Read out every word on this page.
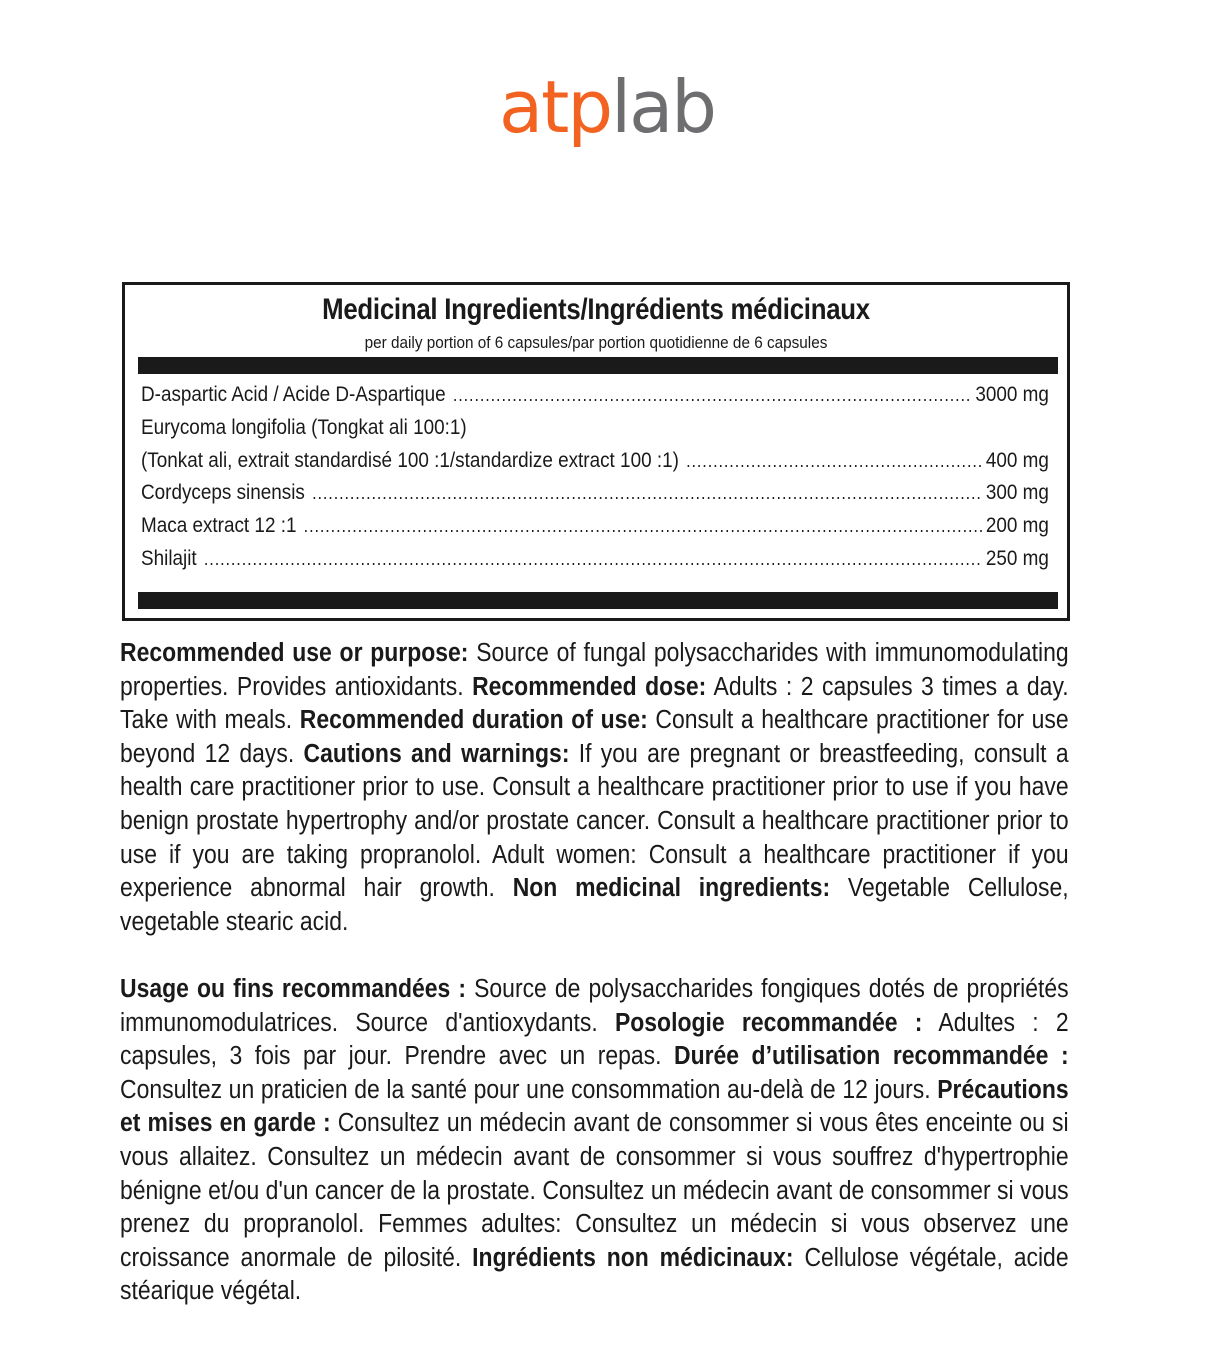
atplab
Medicinal Ingredients/Ingrédients médicinaux
per daily portion of 6 capsules/par portion quotidienne de 6 capsules
D-aspartic Acid / Acide D-Aspartique .....	3000 mg
Eurycoma longifolia (Tongkat ali 100:1)
(Tonkat ali, extrait standardisé 100 :1/standardize extract 100 :1) .....	400 mg
Cordyceps sinensis .....	300 mg
Maca extract 12 :1 .....	200 mg
Shilajit .....	250 mg
Recommended use or purpose: Source of fungal polysaccharides with immunomodulating properties. Provides antioxidants. Recommended dose: Adults : 2 capsules 3 times a day. Take with meals. Recommended duration of use: Consult a healthcare practitioner for use beyond 12 days. Cautions and warnings: If you are pregnant or breastfeeding, consult a health care practitioner prior to use. Consult a healthcare practitioner prior to use if you have benign prostate hypertrophy and/or prostate cancer. Consult a healthcare practitioner prior to use if you are taking propranolol. Adult women: Consult a healthcare practitioner if you experience abnormal hair growth. Non medicinal ingredients: Vegetable Cellulose, vegetable stearic acid.
Usage ou fins recommandées : Source de polysaccharides fongiques dotés de propriétés immunomodulatrices. Source d'antioxydants. Posologie recommandée : Adultes : 2 capsules, 3 fois par jour. Prendre avec un repas. Durée d’utilisation recommandée : Consultez un praticien de la santé pour une consommation au-delà de 12 jours. Précautions et mises en garde : Consultez un médecin avant de consommer si vous êtes enceinte ou si vous allaitez. Consultez un médecin avant de consommer si vous souffrez d'hypertrophie bénigne et/ou d'un cancer de la prostate. Consultez un médecin avant de consommer si vous prenez du propranolol. Femmes adultes: Consultez un médecin si vous observez une croissance anormale de pilosité. Ingrédients non médicinaux: Cellulose végétale, acide stéarique végétal.
